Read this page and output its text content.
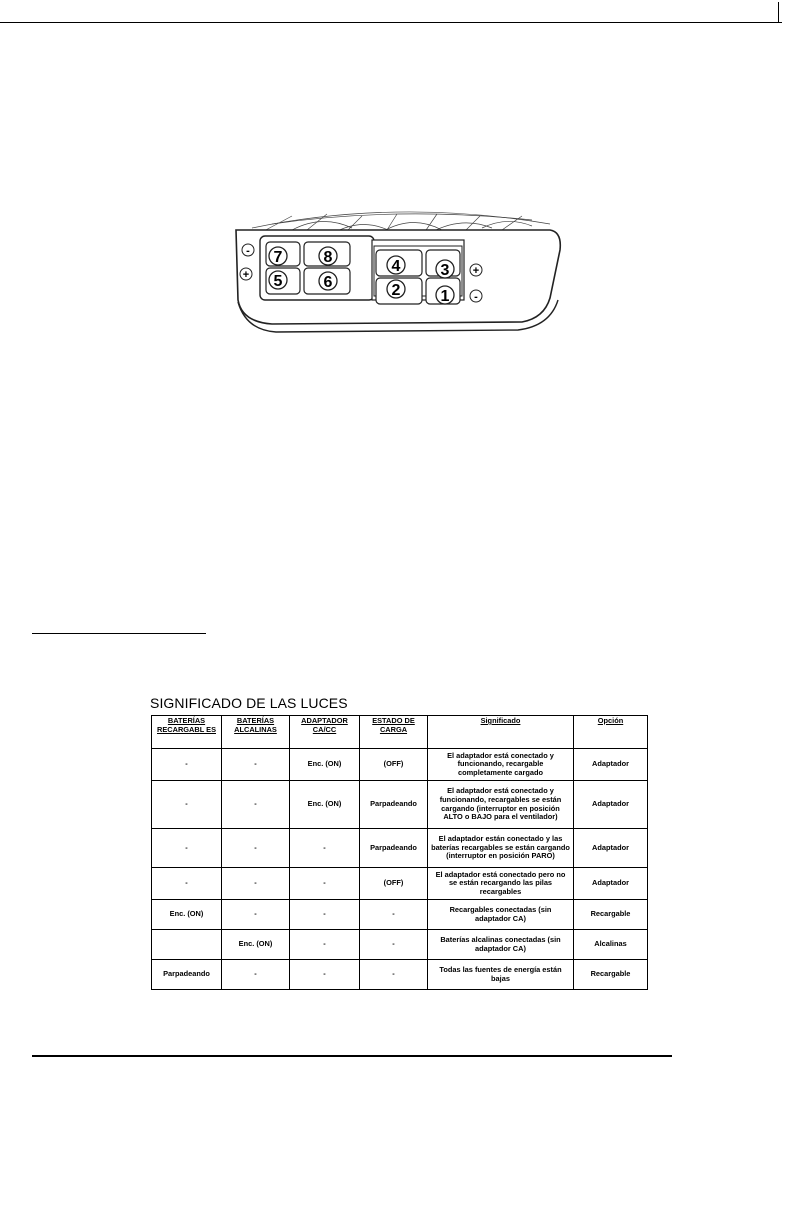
7	8
5	6
4	3
2	1
-
+	+
-
SIGNIFICADO DE LAS LUCES
BATERÍAS RECARGABL ES	BATERÍAS ALCALINAS	ADAPTADOR CA/CC	ESTADO DE CARGA	Significado	Opción
-	-	Enc. (ON)	(OFF)	El adaptador está conectado y funcionando, recargable completamente cargado	Adaptador
-	-	Enc. (ON)	Parpadeando	El adaptador está conectado y funcionando, recargables se están cargando (interruptor en posición ALTO o BAJO para el ventilador)	Adaptador
-	-	-	Parpadeando	El adaptador están conectado y las baterías recargables se están cargando (interruptor en posición PARO)	Adaptador
-	-	-	(OFF)	El adaptador está conectado pero no se están recargando las pilas recargables	Adaptador
Enc. (ON)	-	-	-	Recargables conectadas (sin adaptador CA)	Recargable
	Enc. (ON)	-	-	Baterías alcalinas conectadas (sin adaptador CA)	Alcalinas
Parpadeando	-	-	-	Todas las fuentes de energía están bajas	Recargable
